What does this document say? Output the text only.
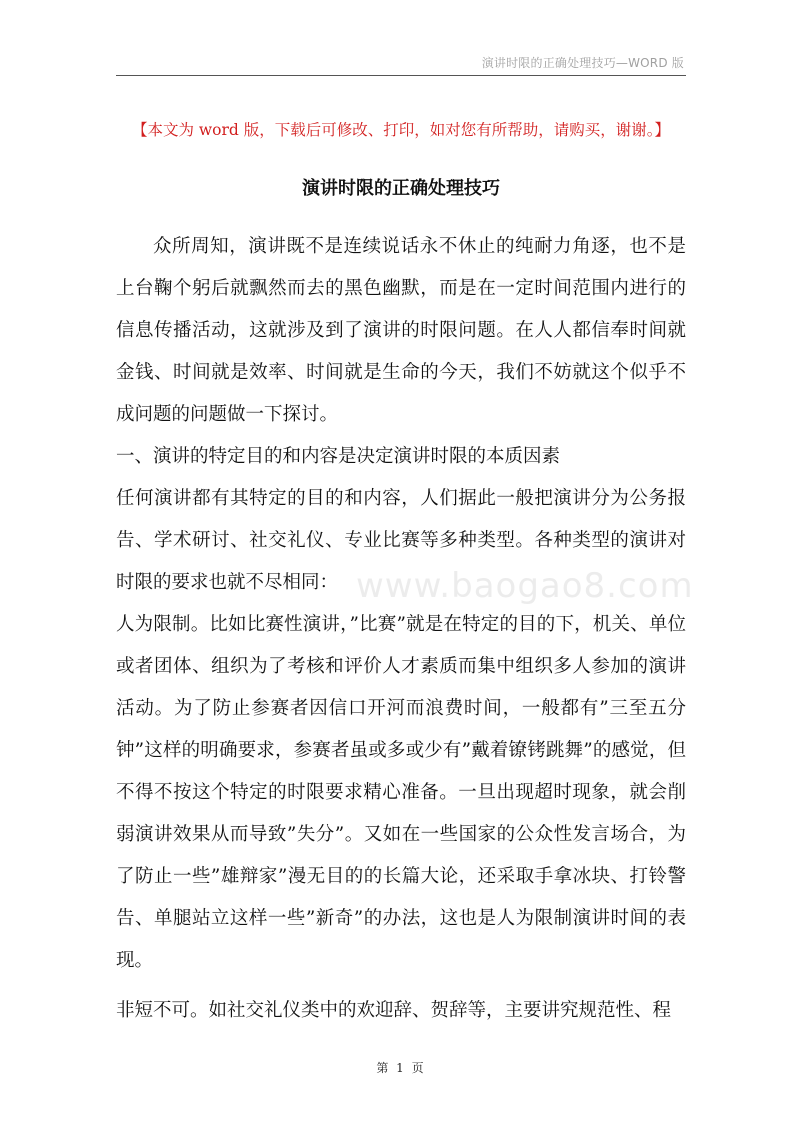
演讲时限的正确处理技巧—WORD 版
【本文为 word 版，下载后可修改、打印，如对您有所帮助，请购买，谢谢。】
演讲时限的正确处理技巧

众所周知，演讲既不是连续说话永不休止的纯耐力角逐，也不是上台鞠个躬后就飘然而去的黑色幽默，而是在一定时间范围内进行的信息传播活动，这就涉及到了演讲的时限问题。在人人都信奉时间就金钱、时间就是效率、时间就是生命的今天，我们不妨就这个似乎不成问题的问题做一下探讨。

一、演讲的特定目的和内容是决定演讲时限的本质因素

任何演讲都有其特定的目的和内容，人们据此一般把演讲分为公务报告、学术研讨、社交礼仪、专业比赛等多种类型。各种类型的演讲对时限的要求也就不尽相同：

人为限制。比如比赛性演讲，”比赛”就是在特定的目的下，机关、单位或者团体、组织为了考核和评价人才素质而集中组织多人参加的演讲活动。为了防止参赛者因信口开河而浪费时间，一般都有”三至五分钟”这样的明确要求，参赛者虽或多或少有”戴着镣铐跳舞”的感觉，但不得不按这个特定的时限要求精心准备。一旦出现超时现象，就会削弱演讲效果从而导致”失分”。又如在一些国家的公众性发言场合，为了防止一些”雄辩家”漫无目的的长篇大论，还采取手拿冰块、打铃警告、单腿站立这样一些”新奇”的办法，这也是人为限制演讲时间的表现。

非短不可。如社交礼仪类中的欢迎辞、贺辞等，主要讲究规范性、程

www.baogao8.com
第 1 页
